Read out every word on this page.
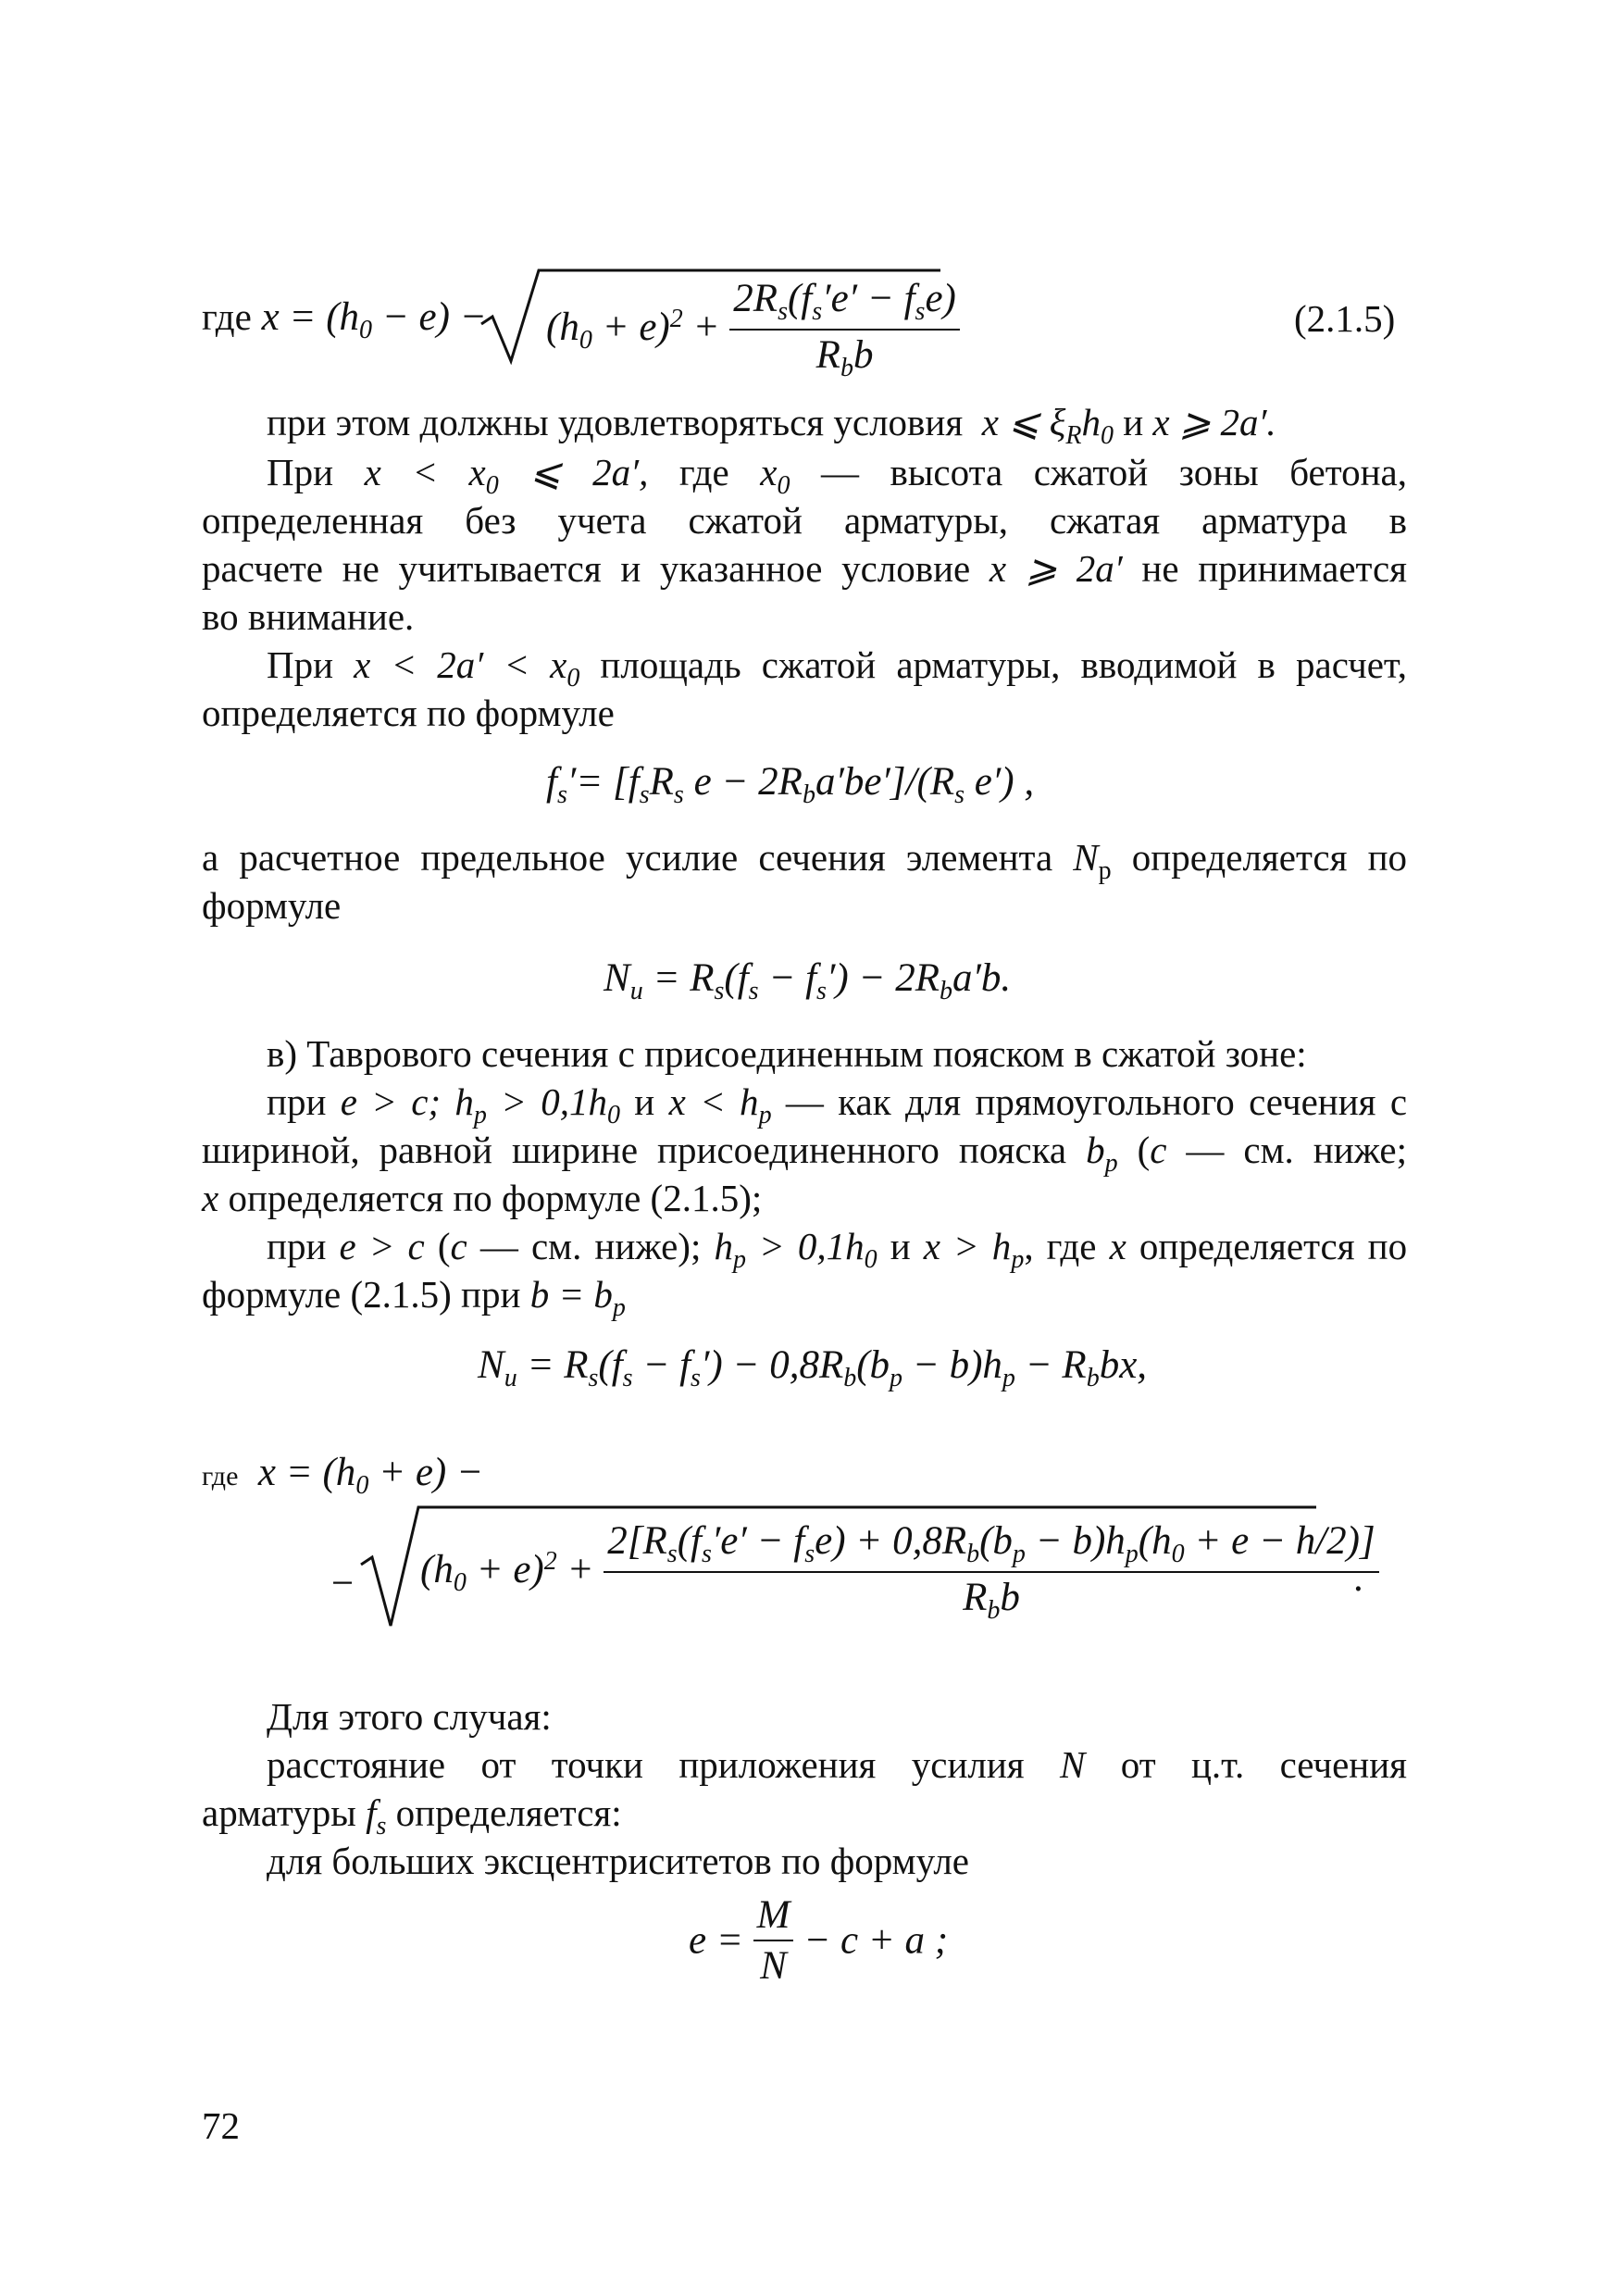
где $x = (h_0 - e) - (h_0 + e)^2 + \frac{2R_s(f_s'e' - f_se)}{R_bb}$	(2.1.5)
при этом должны удовлетворяться условия x ⩽ $\xi_Rh_0$ и x ⩾ 2a′.
При $x < x_0$ ⩽ 2a′, где $x_0$ — высота сжатой зоны бетона,
определенная без учета сжатой арматуры, сжатая арматура в
расчете не учитывается и указанное условие x ⩾ 2a′ не принимается
во внимание.
При $x < 2a' < x_0$ площадь сжатой арматуры, вводимой в расчет,
определяется по формуле
$f_s'= [f_sR_s$ $e - 2R_ba'be']/(R_s$ e′) ,
а расчетное предельное усилие сечения элемента $N_р$ определяется по
формуле
$N_u = R_s(f_s - f_s') - 2R_ba'b$.
в) Таврового сечения с присоединенным пояском в сжатой зоне:
при e > c; $h_p > 0,1h_0$ и $x < h_p$ — как для прямоугольного сечения с
шириной, равной ширине присоединенного пояска $b_p$ (c — см. ниже;
x определяется по формуле (2.1.5);
при e > c (c — см. ниже); $h_p > 0,1h_0$ и $x > h_p$, где x определяется по
формуле (2.1.5) при $b = b_p$
$N_u = R_s(f_s - f_s') - 0,8R_b(b_p - b)h_p - R_bbx$,
где $x = (h_0 + e)$ −
− $(h_0 + e)^2 + \frac{2[R_s(f_s'e' - f_se) + 0,8R_b(b_p - b)h_p(h_0 + e - h/2)]}{R_bb}$
.
Для этого случая:
расстояние от точки приложения усилия N от ц.т. сечения
арматуры $f_s$ определяется:
для больших эксцентриситетов по формуле
$e = \frac{M}{N} - c + a$ ;
72
